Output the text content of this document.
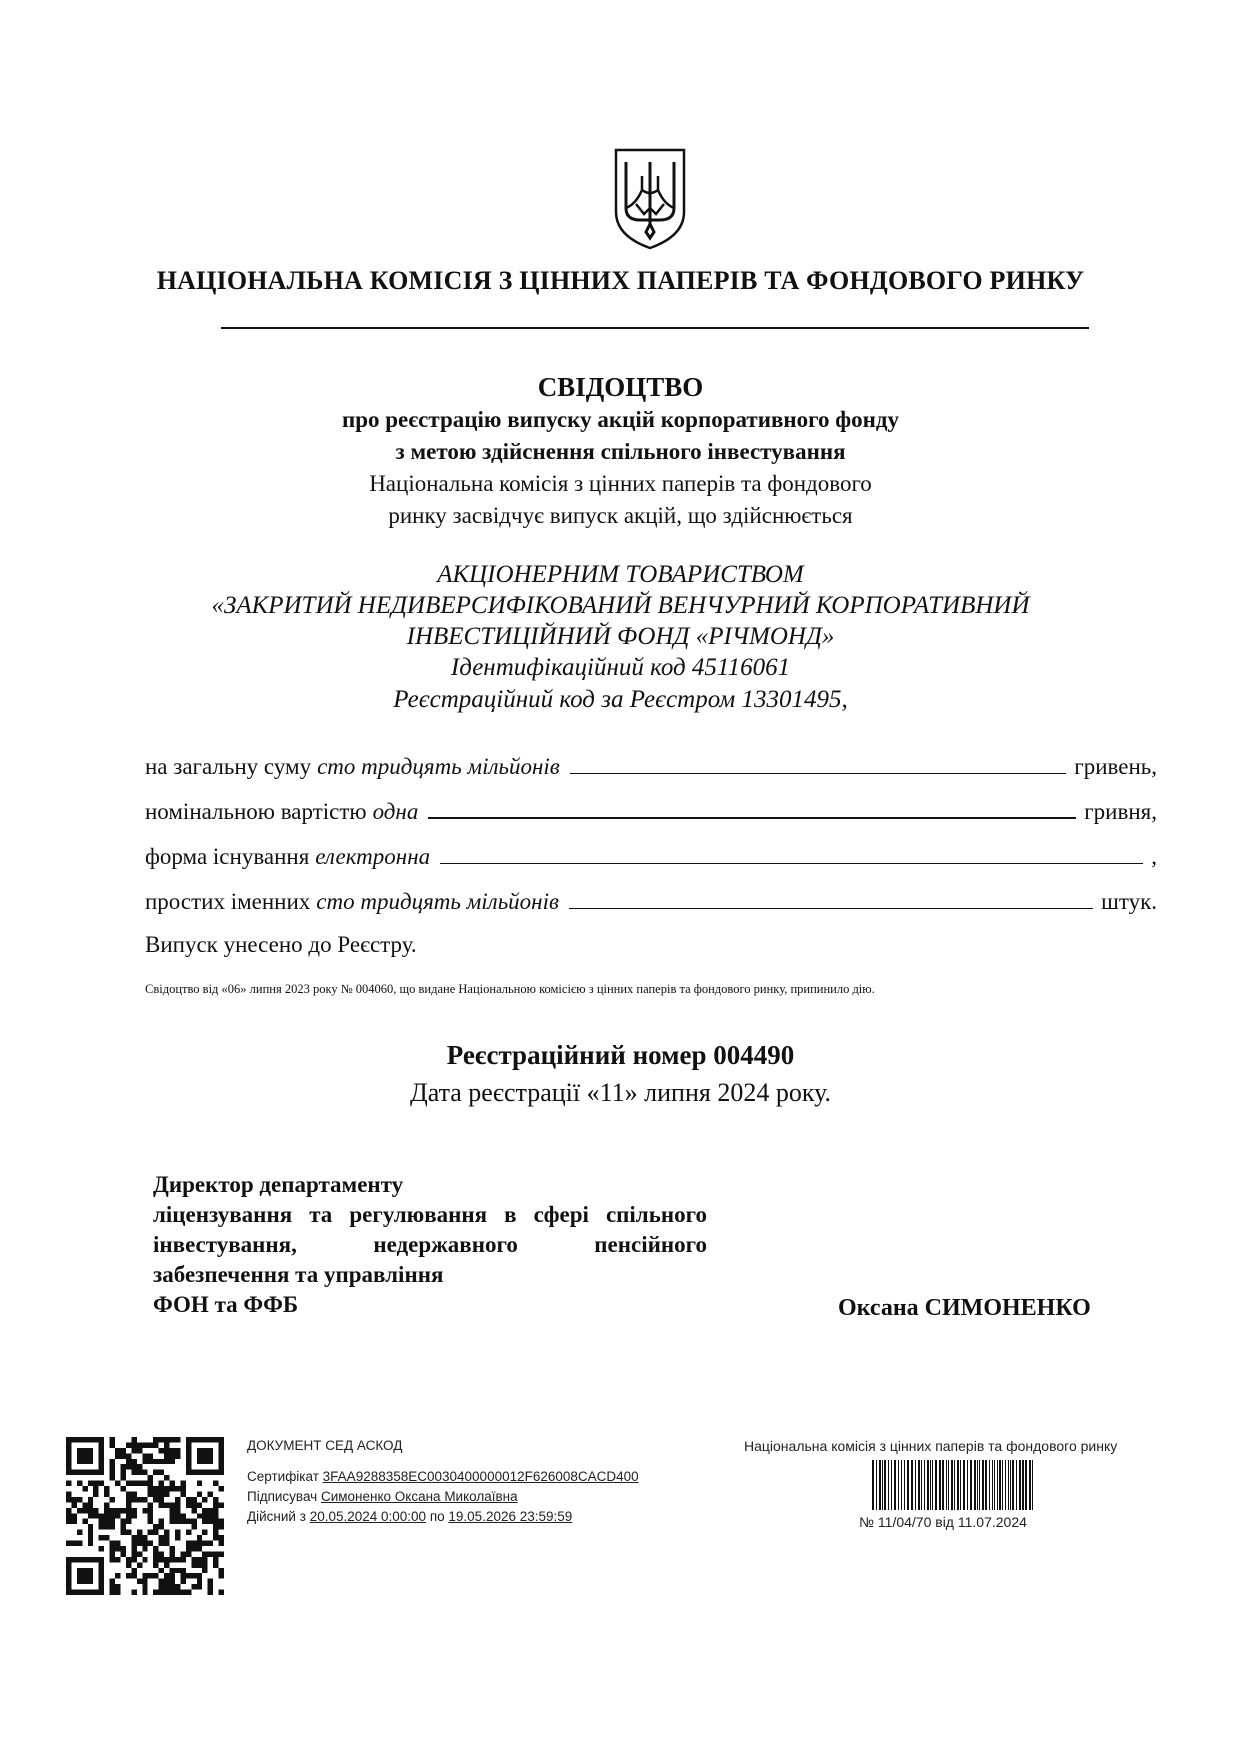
НАЦІОНАЛЬНА КОМІСІЯ З ЦІННИХ ПАПЕРІВ ТА ФОНДОВОГО РИНКУ
СВІДОЦТВО
про реєстрацію випуску акцій корпоративного фонду
з метою здійснення спільного інвестування
Національна комісія з цінних паперів та фондового
ринку засвідчує випуск акцій, що здійснюється
АКЦІОНЕРНИМ ТОВАРИСТВОМ
«ЗАКРИТИЙ НЕДИВЕРСИФІКОВАНИЙ ВЕНЧУРНИЙ КОРПОРАТИВНИЙ
ІНВЕСТИЦІЙНИЙ ФОНД «РІЧМОНД»
Ідентифікаційний код 45116061
Реєстраційний код за Реєстром 13301495,
на загальну суму сто тридцять мільйонів	гривень,
номінальною вартістю одна	гривня,
форма існування електронна	,
простих іменних сто тридцять мільйонів	штук.
Випуск унесено до Реєстру.
Свідоцтво від «06» липня 2023 року № 004060, що видане Національною комісією з цінних паперів та фондового ринку, припинило дію.
Реєстраційний номер 004490
Дата реєстрації «11» липня 2024 року.
Директор департаменту
ліцензування та регулювання в сфері спільного інвестування, недержавного пенсійного забезпечення та управління
ФОН та ФФБ	Оксана СИМОНЕНКО
ДОКУМЕНТ СЕД АСКОД
Сертифікат 3FAA9288358EC0030400000012F626008CACD400
Підписувач Симоненко Оксана Миколаївна
Дійсний з 20.05.2024 0:00:00 по 19.05.2026 23:59:59
Національна комісія з цінних паперів та фондового ринку
№ 11/04/70 від 11.07.2024
